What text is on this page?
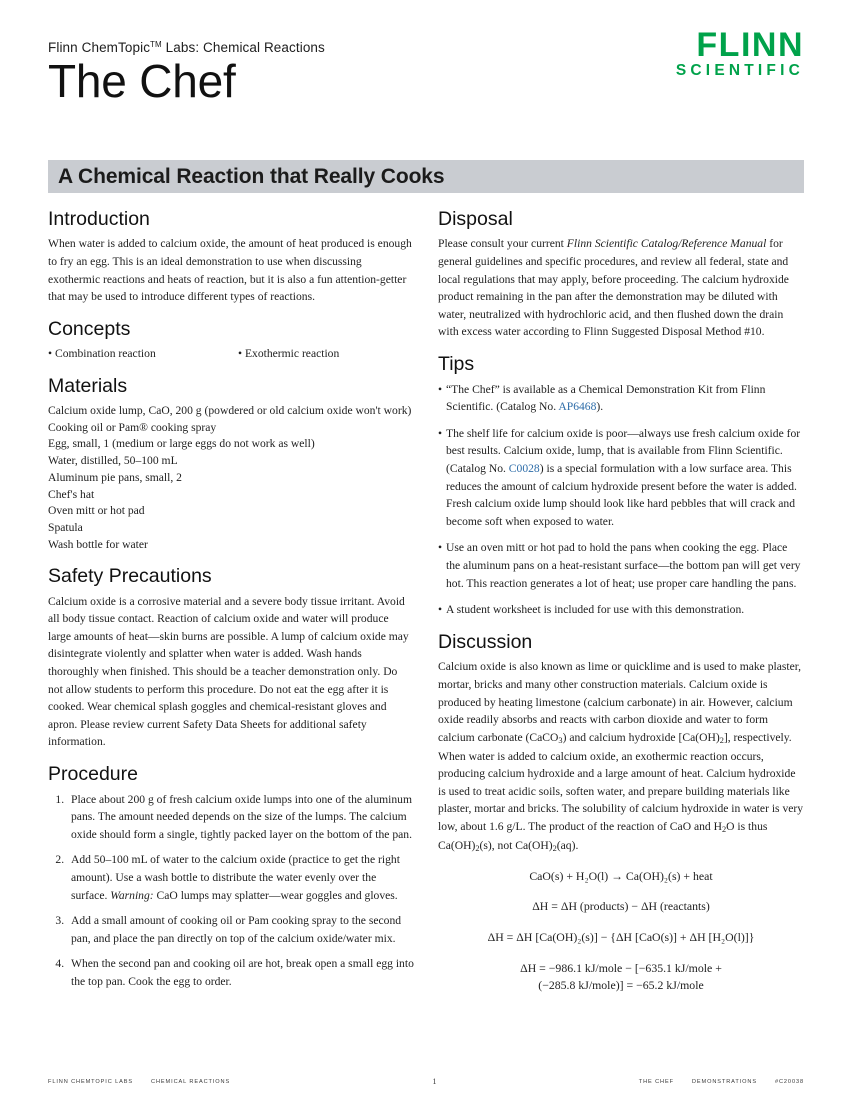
FLINN
SCIENTIFIC

Flinn ChemTopic™ Labs: Chemical Reactions

The Chef
A Chemical Reaction that Really Cooks
Introduction

When water is added to calcium oxide, the amount of heat produced is enough to fry an egg. This is an ideal demonstration to use when discussing exothermic reactions and heats of reaction, but it is also a fun attention-getter that may be used to introduce different types of reactions.

Concepts
• Combination reaction	• Exothermic reaction
Materials
Calcium oxide lump, CaO, 200 g (powdered or old calcium oxide won't work)
Cooking oil or Pam® cooking spray
Egg, small, 1 (medium or large eggs do not work as well)
Water, distilled, 50–100 mL
Aluminum pie pans, small, 2
Chef's hat
Oven mitt or hot pad
Spatula
Wash bottle for water
Safety Precautions

Calcium oxide is a corrosive material and a severe body tissue irritant. Avoid all body tissue contact. Reaction of calcium oxide and water will produce large amounts of heat—skin burns are possible. A lump of calcium oxide may disintegrate violently and splatter when water is added. Wash hands thoroughly when finished. This should be a teacher demonstration only. Do not allow students to perform this procedure. Do not eat the egg after it is cooked. Wear chemical splash goggles and chemical-resistant gloves and apron. Please review current Safety Data Sheets for additional safety information.

Procedure
1. Place about 200 g of fresh calcium oxide lumps into one of the aluminum pans. The amount needed depends on the size of the lumps. The calcium oxide should form a single, tightly packed layer on the bottom of the pan.
2. Add 50–100 mL of water to the calcium oxide (practice to get the right amount). Use a wash bottle to distribute the water evenly over the surface. Warning: CaO lumps may splatter—wear goggles and gloves.
3. Add a small amount of cooking oil or Pam cooking spray to the second pan, and place the pan directly on top of the calcium oxide/water mix.
4. When the second pan and cooking oil are hot, break open a small egg into the top pan. Cook the egg to order.
Disposal

Please consult your current Flinn Scientific Catalog/Reference Manual for general guidelines and specific procedures, and review all federal, state and local regulations that may apply, before proceeding. The calcium hydroxide product remaining in the pan after the demonstration may be diluted with water, neutralized with hydrochloric acid, and then flushed down the drain with excess water according to Flinn Suggested Disposal Method #10.

Tips
• “The Chef” is available as a Chemical Demonstration Kit from Flinn Scientific. (Catalog No. AP6468).
• The shelf life for calcium oxide is poor—always use fresh calcium oxide for best results. Calcium oxide, lump, that is available from Flinn Scientific. (Catalog No. C0028) is a special formulation with a low surface area. This reduces the amount of calcium hydroxide present before the water is added. Fresh calcium oxide lump should look like hard pebbles that will crack and become soft when exposed to water.
• Use an oven mitt or hot pad to hold the pans when cooking the egg. Place the aluminum pans on a heat-resistant surface—the bottom pan will get very hot. This reaction generates a lot of heat; use proper care handling the pans.
• A student worksheet is included for use with this demonstration.
Discussion

Calcium oxide is also known as lime or quicklime and is used to make plaster, mortar, bricks and many other construction materials. Calcium oxide is produced by heating limestone (calcium carbonate) in air. However, calcium oxide readily absorbs and reacts with carbon dioxide and water to form calcium carbonate (CaCO$_3$) and calcium hydroxide $[Ca(OH)_2]$, respectively. When water is added to calcium oxide, an exothermic reaction occurs, producing calcium hydroxide and a large amount of heat. Calcium hydroxide is used to treat acidic soils, soften water, and prepare building materials like plaster, mortar and bricks. The solubility of calcium hydroxide in water is very low, about 1.6 g/L. The product of the reaction of CaO and $H_2O$ is thus $Ca(OH)_2(s)$, not $Ca(OH)_2(aq)$.

CaO(s) + H₂O(l) → Ca(OH)₂(s) + heat
ΔH = ΔH (products) − ΔH (reactants)
ΔH = ΔH [Ca(OH)₂(s)] − {ΔH [CaO(s)] + ΔH [H₂O(l)]}
ΔH = −986.1 kJ/mole − [−635.1 kJ/mole +
(−285.8 kJ/mole)] = −65.2 kJ/mole
FLINN CHEMTOPIC LABS	CHEMICAL REACTIONS	1	THE CHEF	DEMONSTRATIONS	#C20038
